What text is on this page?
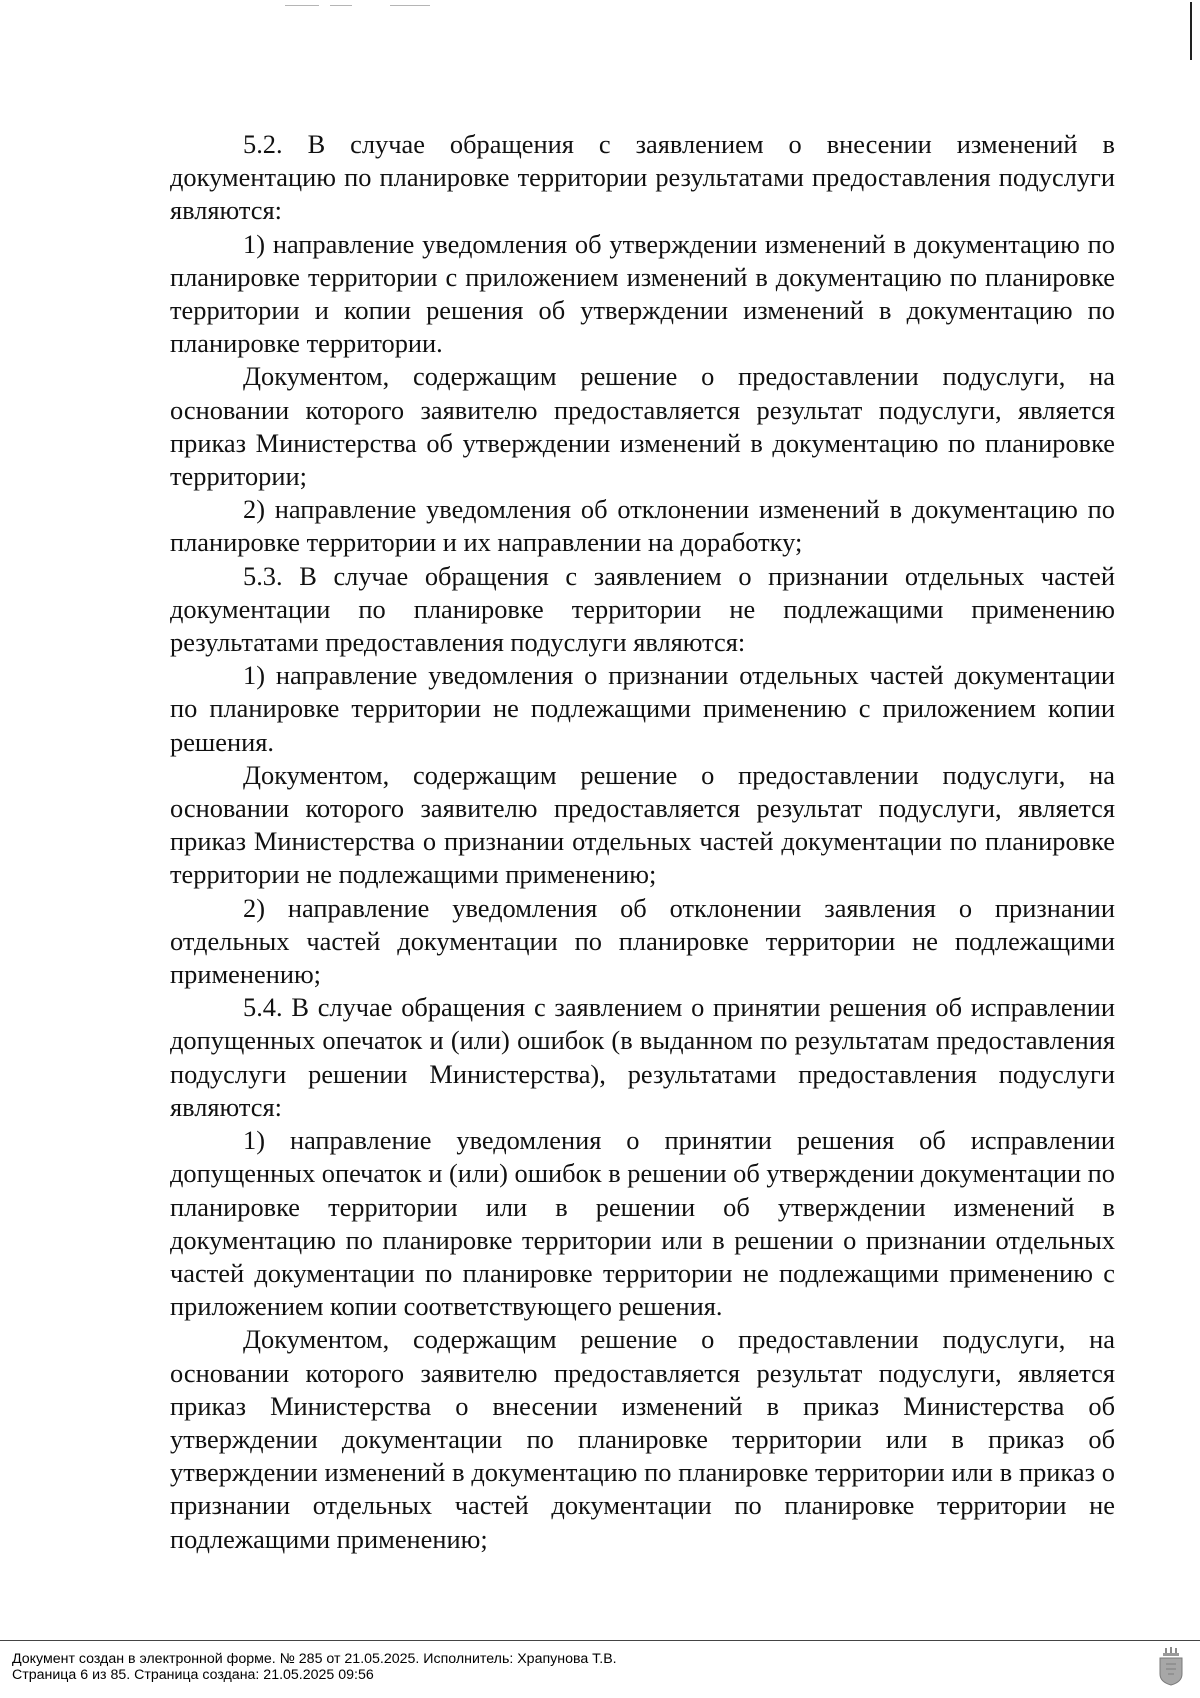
5.2. В случае обращения с заявлением о внесении изменений в документацию по планировке территории результатами предоставления подуслуги являются:

1) направление уведомления об утверждении изменений в документацию по планировке территории с приложением изменений в документацию по планировке территории и копии решения об утверждении изменений в документацию по планировке территории.

Документом, содержащим решение о предоставлении подуслуги, на основании которого заявителю предоставляется результат подуслуги, является приказ Министерства об утверждении изменений в документацию по планировке территории;

2) направление уведомления об отклонении изменений в документацию по планировке территории и их направлении на доработку;

5.3. В случае обращения с заявлением о признании отдельных частей документации по планировке территории не подлежащими применению результатами предоставления подуслуги являются:

1) направление уведомления о признании отдельных частей документации по планировке территории не подлежащими применению с приложением копии решения.

Документом, содержащим решение о предоставлении подуслуги, на основании которого заявителю предоставляется результат подуслуги, является приказ Министерства о признании отдельных частей документации по планировке территории не подлежащими применению;

2) направление уведомления об отклонении заявления о признании отдельных частей документации по планировке территории не подлежащими применению;

5.4. В случае обращения с заявлением о принятии решения об исправлении допущенных опечаток и (или) ошибок (в выданном по результатам предоставления подуслуги решении Министерства), результатами предоставления подуслуги являются:

1) направление уведомления о принятии решения об исправлении допущенных опечаток и (или) ошибок в решении об утверждении документации по планировке территории или в решении об утверждении изменений в документацию по планировке территории или в решении о признании отдельных частей документации по планировке территории не подлежащими применению с приложением копии соответствующего решения.

Документом, содержащим решение о предоставлении подуслуги, на основании которого заявителю предоставляется результат подуслуги, является приказ Министерства о внесении изменений в приказ Министерства об утверждении документации по планировке территории или в приказ об утверждении изменений в документацию по планировке территории или в приказ о признании отдельных частей документации по планировке территории не подлежащими применению;

Документ создан в электронной форме. № 285 от 21.05.2025. Исполнитель: Храпунова Т.В.
Страница 6 из 85. Страница создана: 21.05.2025 09:56
